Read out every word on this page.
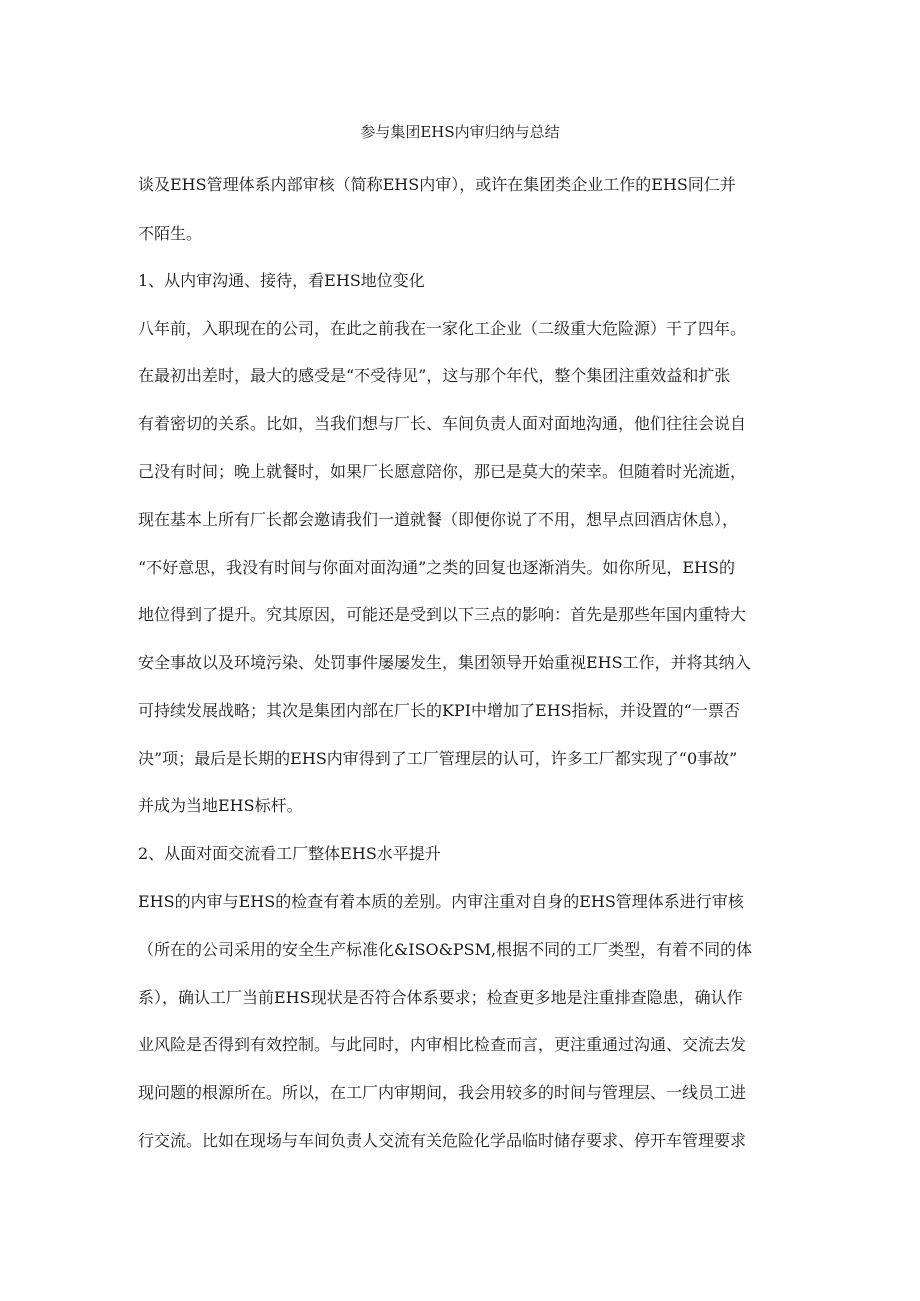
参与集团EHS内审归纳与总结
谈及EHS管理体系内部审核（简称EHS内审），或许在集团类企业工作的EHS同仁并
不陌生。
1、从内审沟通、接待，看EHS地位变化
八年前，入职现在的公司，在此之前我在一家化工企业（二级重大危险源）干了四年。
在最初出差时，最大的感受是“不受待见”，这与那个年代，整个集团注重效益和扩张
有着密切的关系。比如，当我们想与厂长、车间负责人面对面地沟通，他们往往会说自
己没有时间；晚上就餐时，如果厂长愿意陪你，那已是莫大的荣幸。但随着时光流逝，
现在基本上所有厂长都会邀请我们一道就餐（即便你说了不用，想早点回酒店休息），
“不好意思，我没有时间与你面对面沟通”之类的回复也逐渐消失。如你所见，EHS的
地位得到了提升。究其原因，可能还是受到以下三点的影响：首先是那些年国内重特大
安全事故以及环境污染、处罚事件屡屡发生，集团领导开始重视EHS工作，并将其纳入
可持续发展战略；其次是集团内部在厂长的KPI中增加了EHS指标，并设置的“一票否
决”项；最后是长期的EHS内审得到了工厂管理层的认可，许多工厂都实现了“0事故”
并成为当地EHS标杆。
2、从面对面交流看工厂整体EHS水平提升
EHS的内审与EHS的检查有着本质的差别。内审注重对自身的EHS管理体系进行审核
（所在的公司采用的安全生产标准化&ISO&PSM,根据不同的工厂类型，有着不同的体
系），确认工厂当前EHS现状是否符合体系要求；检查更多地是注重排查隐患，确认作
业风险是否得到有效控制。与此同时，内审相比检查而言，更注重通过沟通、交流去发
现问题的根源所在。所以，在工厂内审期间，我会用较多的时间与管理层、一线员工进
行交流。比如在现场与车间负责人交流有关危险化学品临时储存要求、停开车管理要求
